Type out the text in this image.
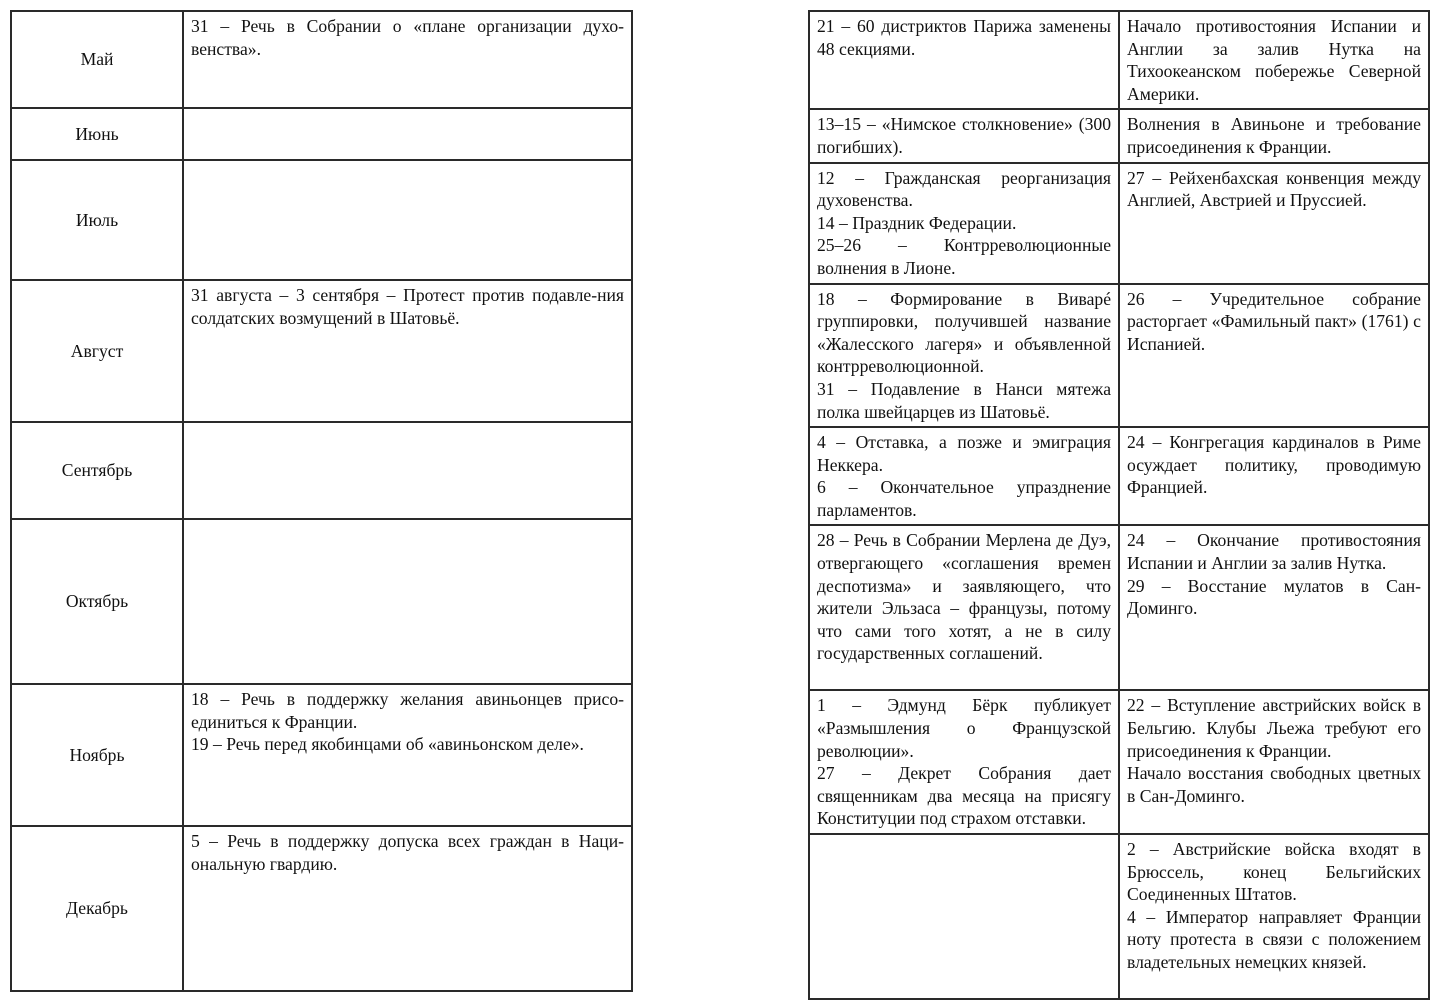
Май	31 – Речь в Собрании о «плане организации духо-венства».

Июнь	
Июль	
Август	31 августа – 3 сентября – Протест против подавле-ния солдатских возмущений в Шатовьё.

Сентябрь	
Октябрь	
Ноябрь	18 – Речь в поддержку желания авиньонцев присо-единиться к Франции.
19 – Речь перед якобинцами об «авиньонском деле».

Декабрь	5 – Речь в поддержку допуска всех граждан в Наци-ональную гвардию.
21 – 60 дистриктов Парижа заменены 48 секциями.	Начало противостояния Испании и Англии за залив Нутка на Тихоокеанском побережье Северной Америки.

13–15 – «Нимское столкновение» (300 погибших).	Волнения в Авиньоне и требование присоединения к Франции.

12 – Гражданская реорганизация духовенства.
14 – Праздник Федерации.
25–26 – Контрреволюционные волнения в Лионе.	27 – Рейхенбахская конвенция между Англией, Австрией и Пруссией.

18 – Формирование в Виварé группировки, получившей название «Жалесского лагеря» и объявленной контрреволюционной.
31 – Подавление в Нанси мятежа полка швейцарцев из Шатовьё.	26 – Учредительное собрание расторгает «Фамильный пакт» (1761) с Испанией.

4 – Отставка, а позже и эмиграция Неккера.
6 – Окончательное упразднение парламентов.	24 – Конгрегация кардиналов в Риме осуждает политику, проводимую Францией.

28 – Речь в Собрании Мерлена де Дуэ, отвергающего «соглашения времен деспотизма» и заявляющего, что жители Эльзаса – французы, потому что сами того хотят, а не в силу государственных соглашений.	24 – Окончание противостояния Испании и Англии за залив Нутка.
29 – Восстание мулатов в Сан-Доминго.

1 – Эдмунд Бёрк публикует «Размышления о Французской революции».
27 – Декрет Собрания дает священникам два месяца на присягу Конституции под страхом отставки.	22 – Вступление австрийских войск в Бельгию. Клубы Льежа требуют его присоединения к Франции.
Начало восстания свободных цветных в Сан-Доминго.

	2 – Австрийские войска входят в Брюссель, конец Бельгийских Соединенных Штатов.
4 – Император направляет Франции ноту протеста в связи с положением владетельных немецких князей.
